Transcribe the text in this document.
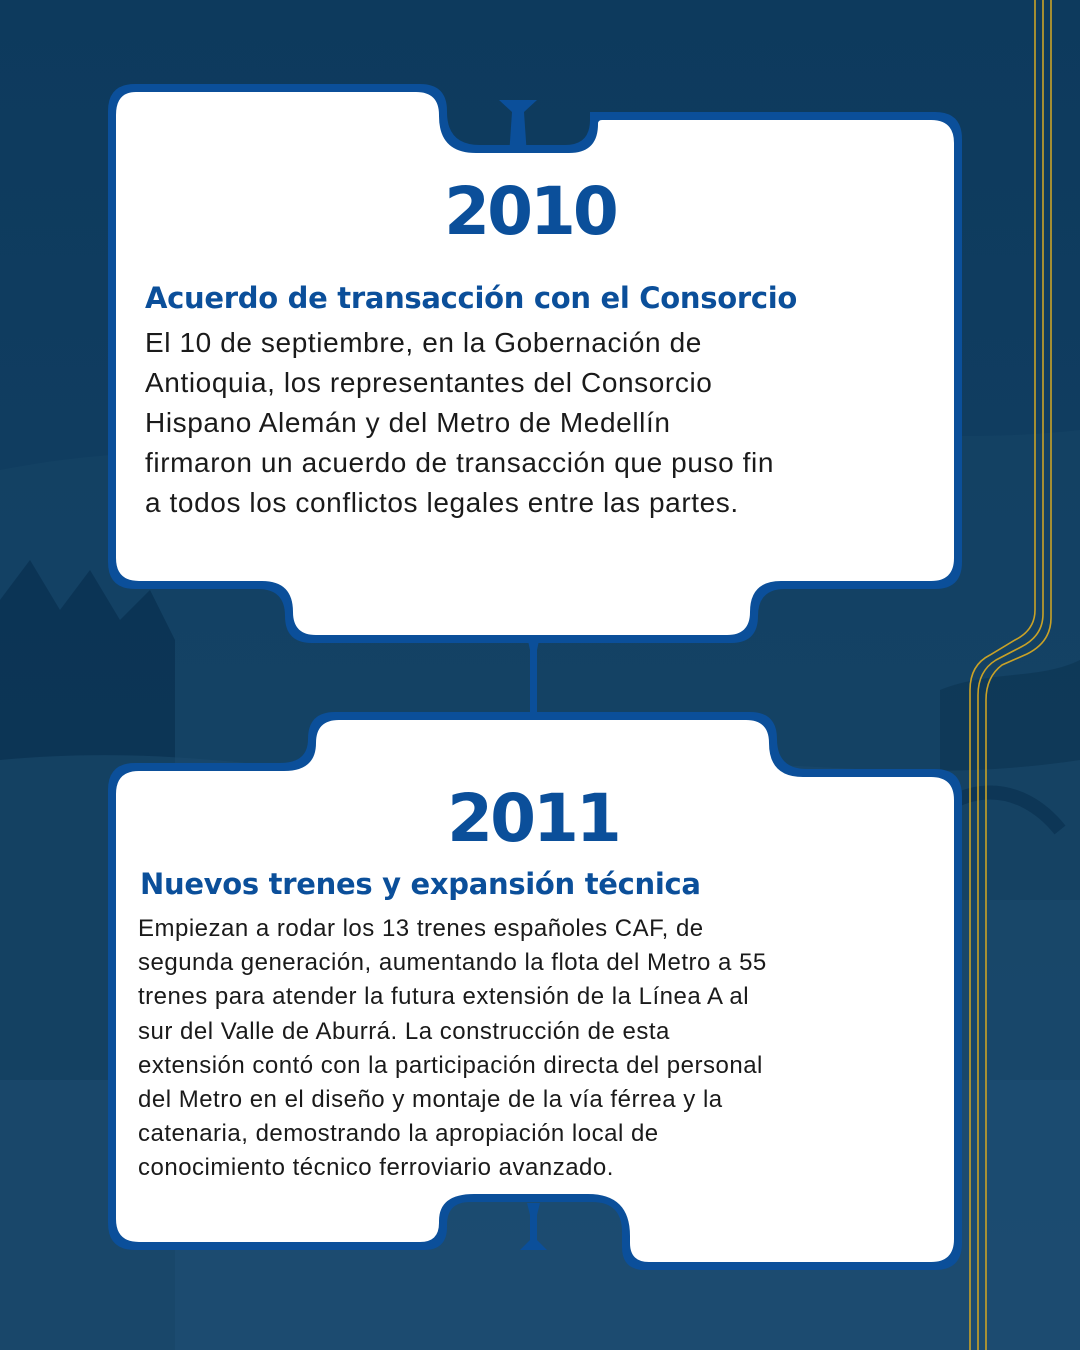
2010
Acuerdo de transacción con el Consorcio
El 10 de septiembre, en la Gobernación de
Antioquia, los representantes del Consorcio
Hispano Alemán y del Metro de Medellín
firmaron un acuerdo de transacción que puso fin
a todos los conflictos legales entre las partes.
2011
Nuevos trenes y expansión técnica
Empiezan a rodar los 13 trenes españoles CAF, de
segunda generación, aumentando la flota del Metro a 55
trenes para atender la futura extensión de la Línea A al
sur del Valle de Aburrá. La construcción de esta
extensión contó con la participación directa del personal
del Metro en el diseño y montaje de la vía férrea y la
catenaria, demostrando la apropiación local de
conocimiento técnico ferroviario avanzado.
